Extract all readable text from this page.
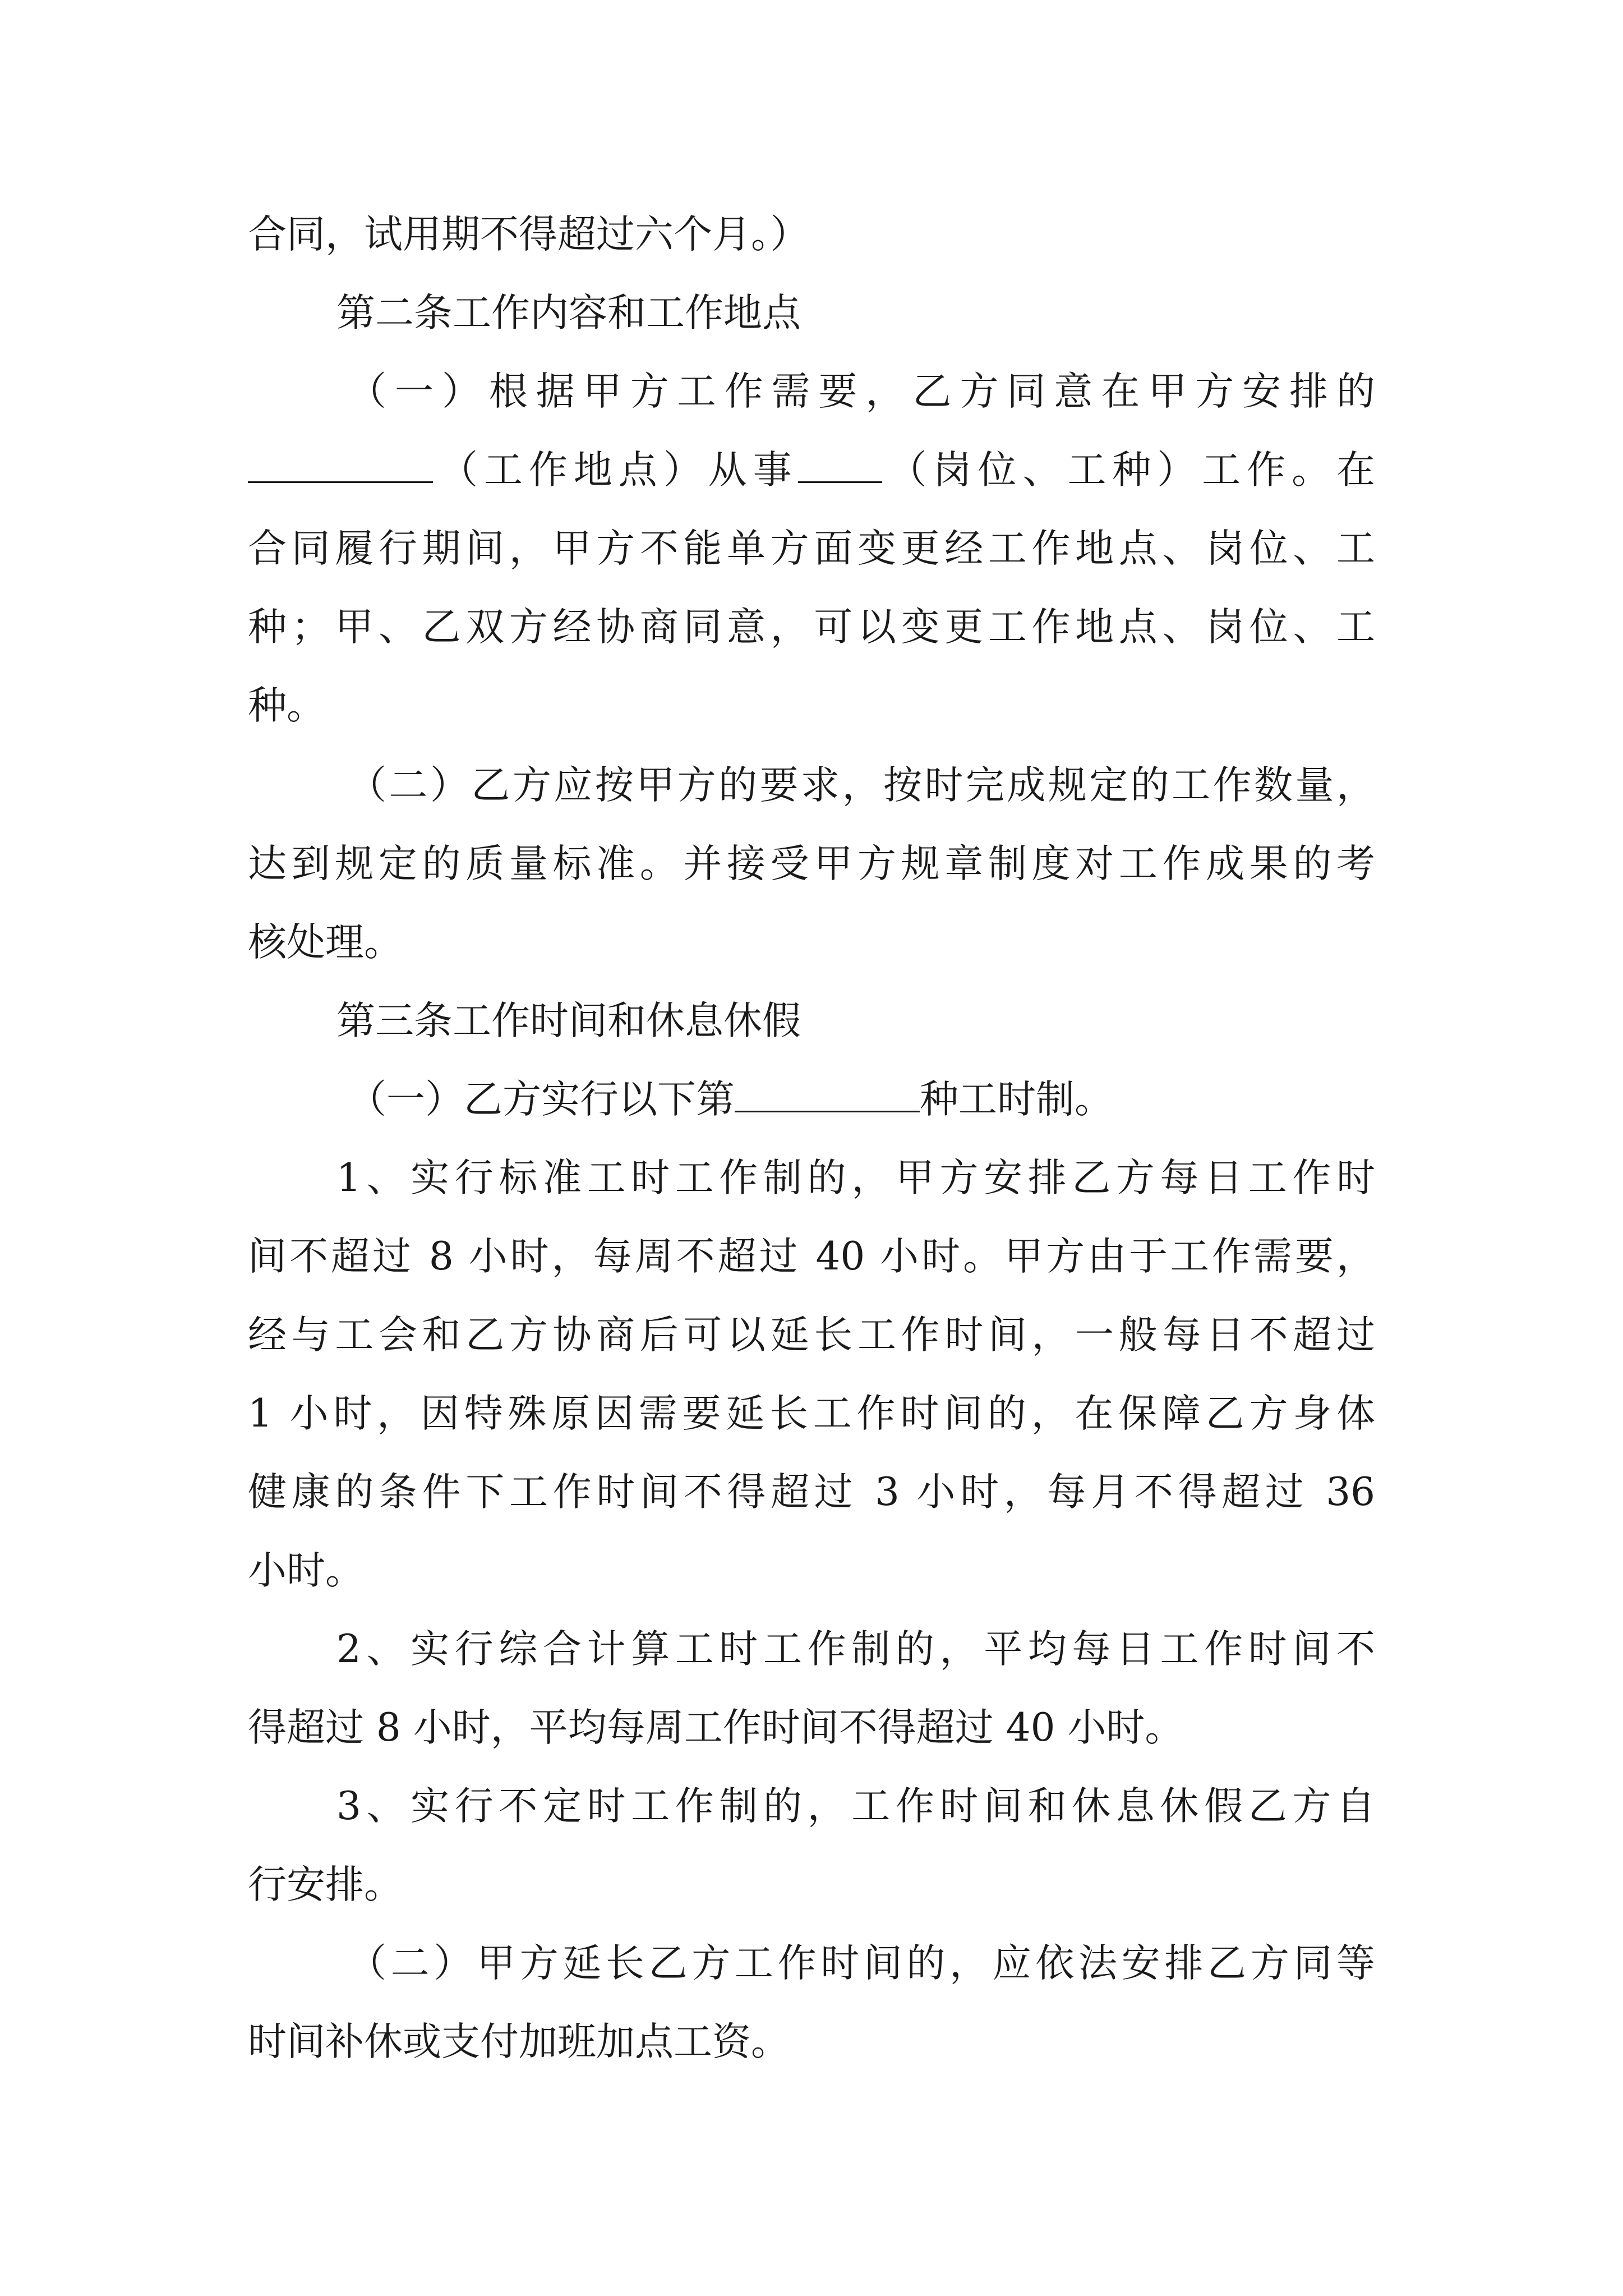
合同，试用期不得超过六个月。）
第二条工作内容和工作地点
（一）根据甲方工作需要，乙方同意在甲方安排的
（工作地点）从事 （岗位、工种）工作。在
合同履行期间，甲方不能单方面变更经工作地点、岗位、工
种；甲、乙双方经协商同意，可以变更工作地点、岗位、工
种。
（二）乙方应按甲方的要求，按时完成规定的工作数量，
达到规定的质量标准。并接受甲方规章制度对工作成果的考
核处理。
第三条工作时间和休息休假
（一）乙方实行以下第	种工时制。
1、实行标准工时工作制的，甲方安排乙方每日工作时
间不超过 8 小时，每周不超过 40 小时。甲方由于工作需要，
经与工会和乙方协商后可以延长工作时间，一般每日不超过
1 小时，因特殊原因需要延长工作时间的，在保障乙方身体
健康的条件下工作时间不得超过 3 小时，每月不得超过 36
小时。
2、实行综合计算工时工作制的，平均每日工作时间不
得超过 8 小时，平均每周工作时间不得超过 40 小时。
3、实行不定时工作制的，工作时间和休息休假乙方自
行安排。
（二）甲方延长乙方工作时间的，应依法安排乙方同等
时间补休或支付加班加点工资。
